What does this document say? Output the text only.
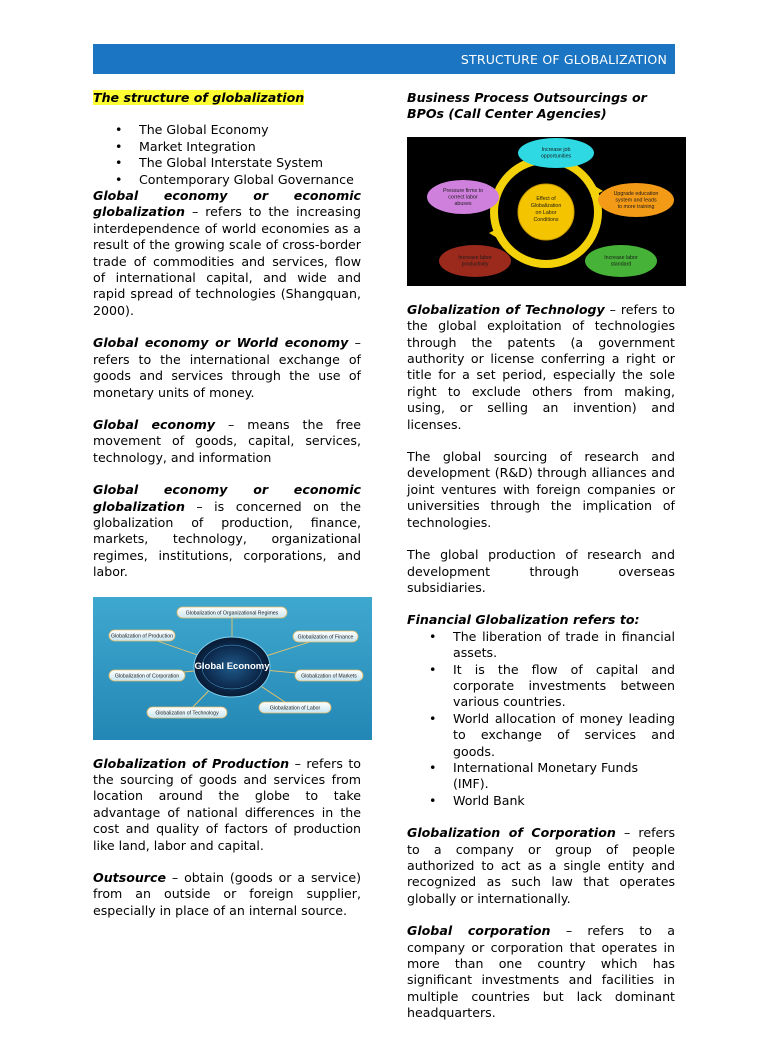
STRUCTURE OF GLOBALIZATION
The structure of globalization
• The Global Economy
• Market Integration
• The Global Interstate System
• Contemporary Global Governance

Global economy or economic globalization – refers to the increasing interdependence of world economies as a result of the growing scale of cross-border trade of commodities and services, flow of international capital, and wide and rapid spread of technologies (Shangquan, 2000).

Global economy or World economy – refers to the international exchange of goods and services through the use of monetary units of money.

Global economy – means the free movement of goods, capital, services, technology, and information

Global economy or economic globalization – is concerned on the globalization of production, finance, markets, technology, organizational regimes, institutions, corporations, and labor.

Global Economy
Globalization of Organizational Regimes
Globalization of Production	Globalization of Finance
Globalization of Corporation	Globalization of Markets
Globalization of Technology
Globalization of Labor

Globalization of Production – refers to the sourcing of goods and services from location around the globe to take advantage of national differences in the cost and quality of factors of production like land, labor and capital.

Outsource – obtain (goods or a service) from an outside or foreign supplier, especially in place of an internal source.

Business Process Outsourcings or BPOs (Call Center Agencies)

Effect of
Globalization
on Labor
Conditions
Increase job
opportunities
Upgrade education
system and leads
to more training
Increase labor
standard
Increase labor
productivity
Pressure firms to
correct labor
abuses

Globalization of Technology – refers to the global exploitation of technologies through the patents (a government authority or license conferring a right or title for a set period, especially the sole right to exclude others from making, using, or selling an invention) and licenses.

The global sourcing of research and development (R&D) through alliances and joint ventures with foreign companies or universities through the implication of technologies.

The global production of research and development through overseas subsidiaries.

Financial Globalization refers to:
• The liberation of trade in financial assets.
• It is the flow of capital and corporate investments between various countries.
• World allocation of money leading to exchange of services and goods.
• International Monetary Funds (IMF).
• World Bank

Globalization of Corporation – refers to a company or group of people authorized to act as a single entity and recognized as such law that operates globally or internationally.

Global corporation – refers to a company or corporation that operates in more than one country which has significant investments and facilities in multiple countries but lack dominant headquarters.
